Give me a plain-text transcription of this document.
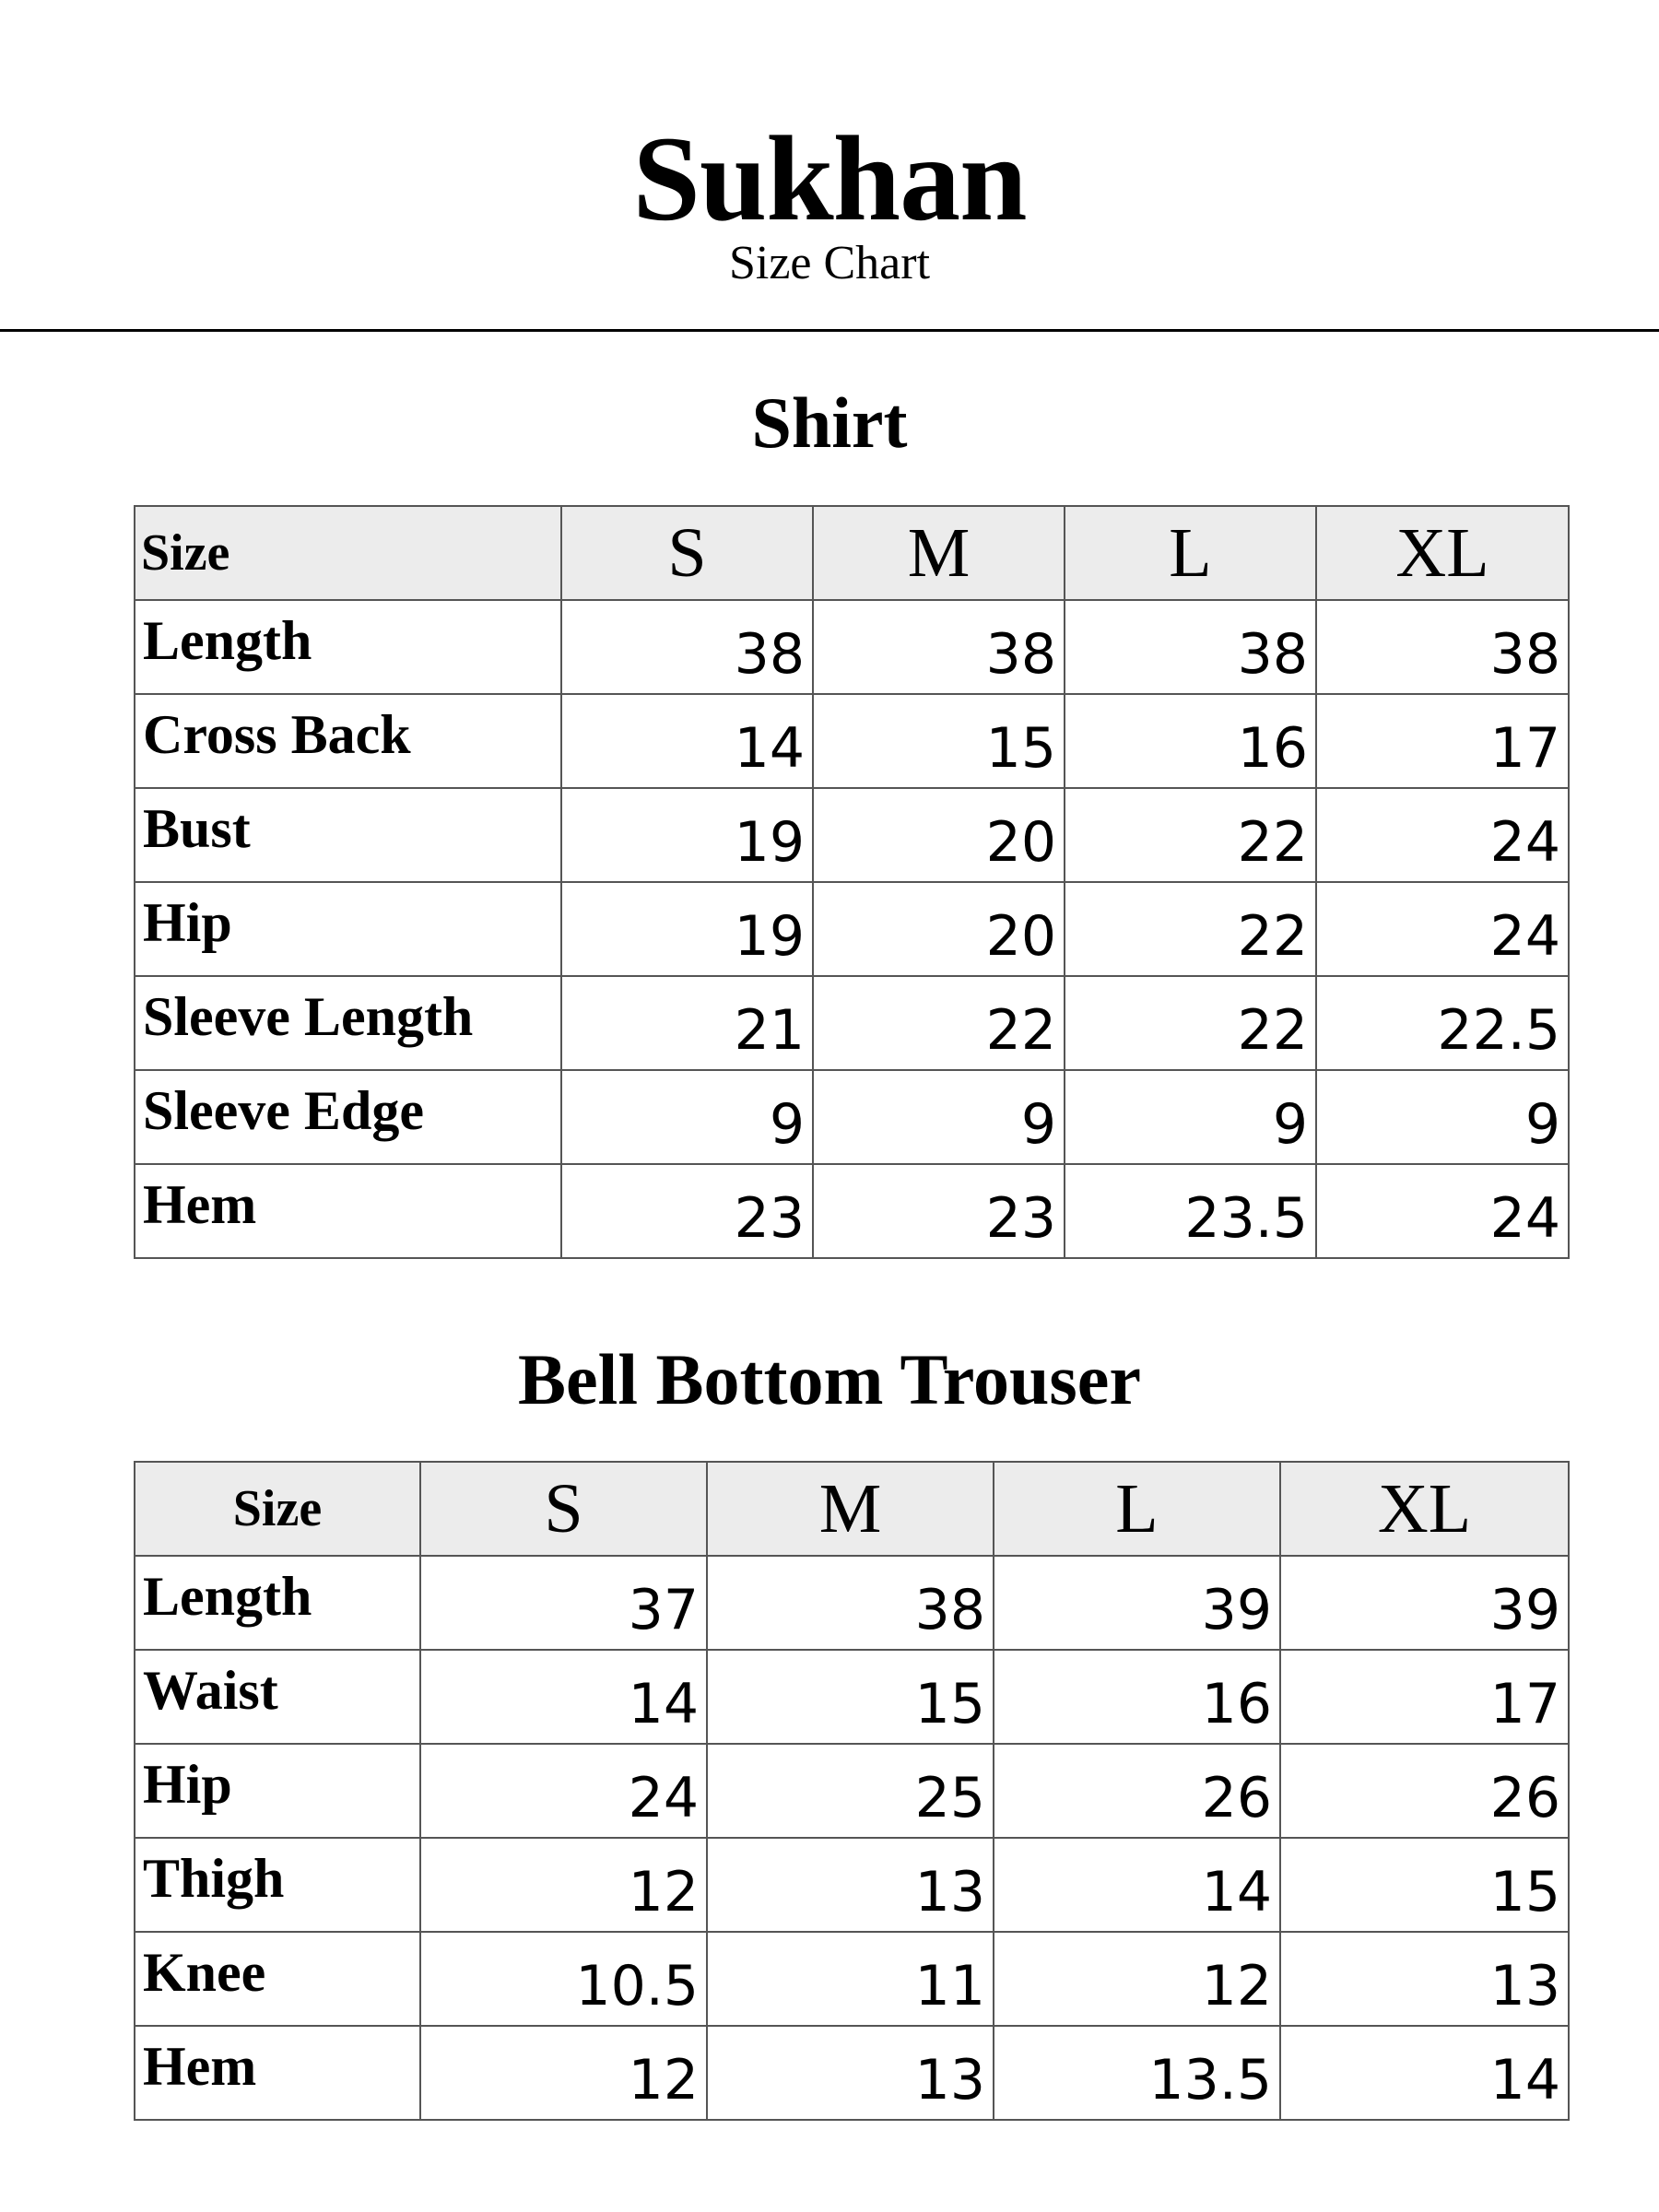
Sukhan
Size Chart
Shirt
Size	S	M	L	XL
Length	38	38	38	38
Cross Back	14	15	16	17
Bust	19	20	22	24
Hip	19	20	22	24
Sleeve Length	21	22	22	22.5
Sleeve Edge	9	9	9	9
Hem	23	23	23.5	24
Bell Bottom Trouser
Size	S	M	L	XL
Length	37	38	39	39
Waist	14	15	16	17
Hip	24	25	26	26
Thigh	12	13	14	15
Knee	10.5	11	12	13
Hem	12	13	13.5	14
